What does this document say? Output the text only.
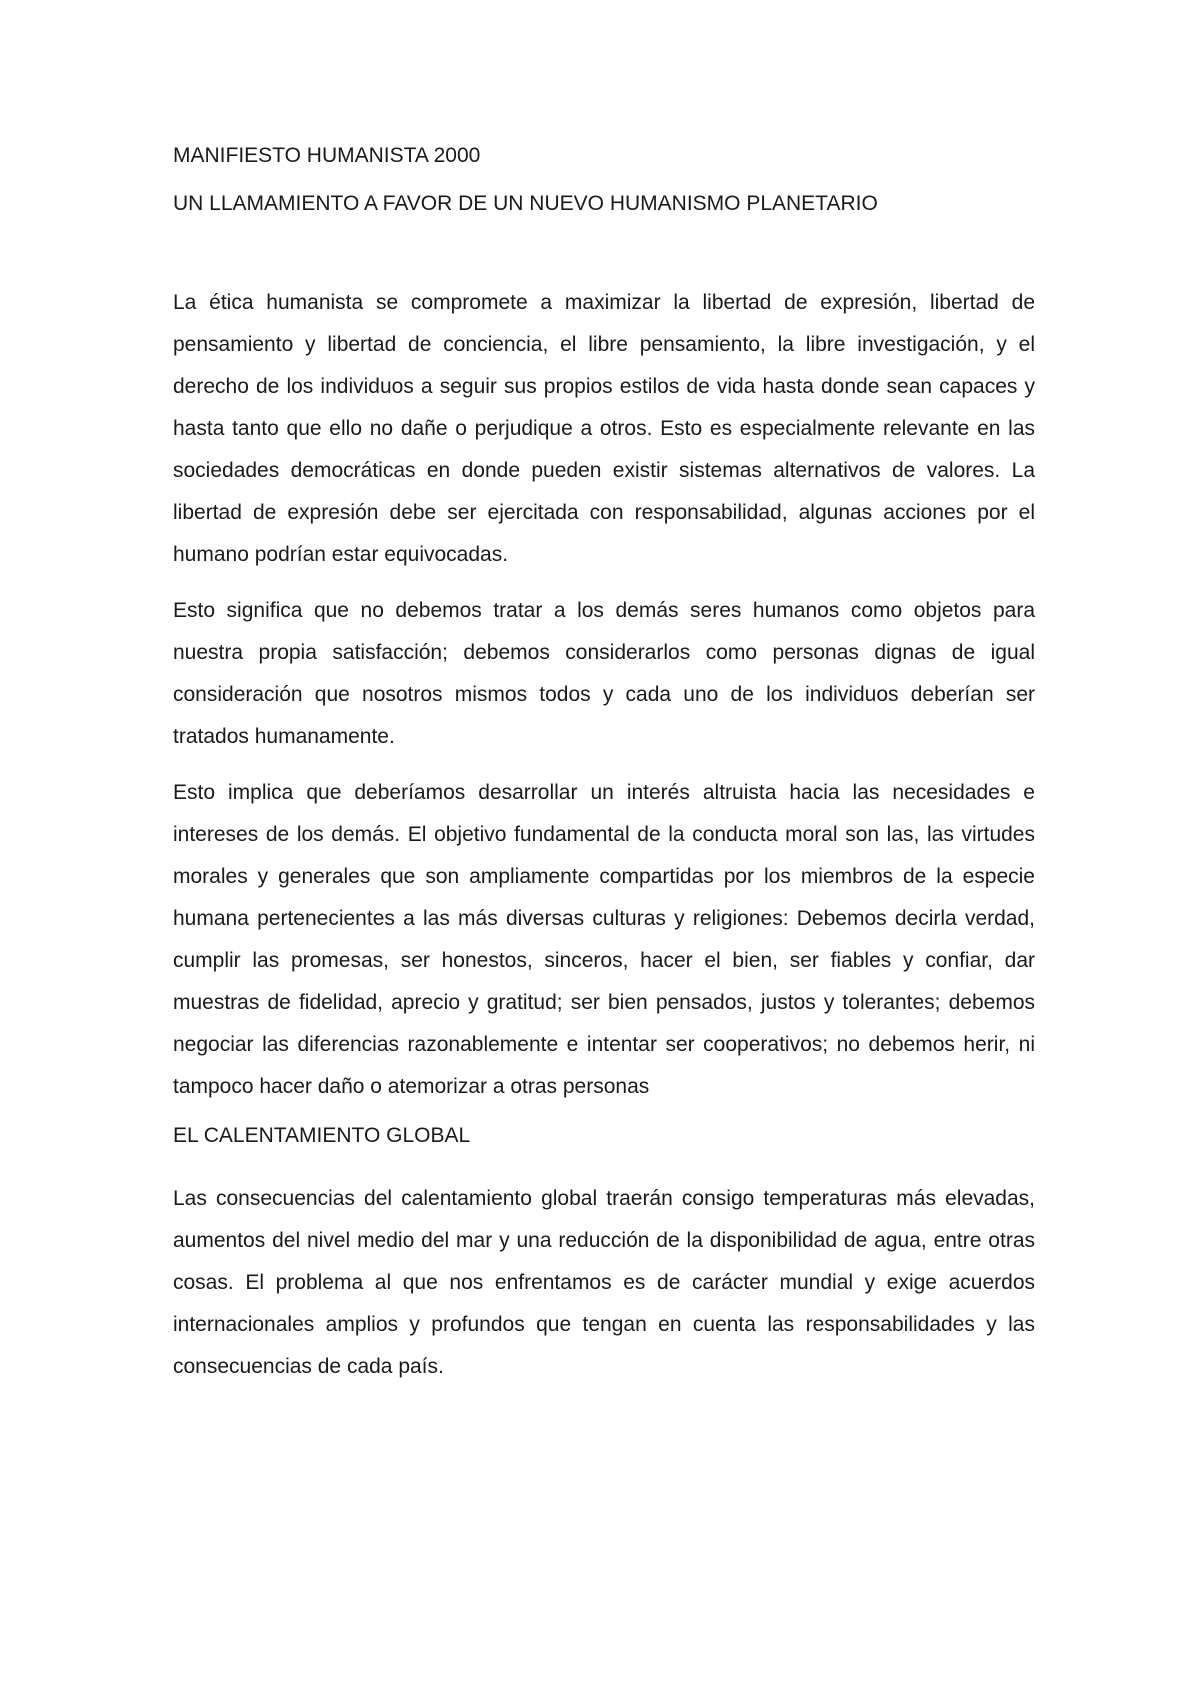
MANIFIESTO HUMANISTA 2000
UN LLAMAMIENTO A FAVOR DE UN NUEVO HUMANISMO PLANETARIO

La ética humanista se compromete a maximizar la libertad de expresión, libertad de pensamiento y libertad de conciencia, el libre pensamiento, la libre investigación, y el derecho de los individuos a seguir sus propios estilos de vida hasta donde sean capaces y hasta tanto que ello no dañe o perjudique a otros. Esto es especialmente relevante en las sociedades democráticas en donde pueden existir sistemas alternativos de valores. La libertad de expresión debe ser ejercitada con responsabilidad, algunas acciones por el humano podrían estar equivocadas.

Esto significa que no debemos tratar a los demás seres humanos como objetos para nuestra propia satisfacción; debemos considerarlos como personas dignas de igual consideración que nosotros mismos todos y cada uno de los individuos deberían ser tratados humanamente.

Esto implica que deberíamos desarrollar un interés altruista hacia las necesidades e intereses de los demás. El objetivo fundamental de la conducta moral son las, las virtudes morales y generales que son ampliamente compartidas por los miembros de la especie humana pertenecientes a las más diversas culturas y religiones: Debemos decirla verdad, cumplir las promesas, ser honestos, sinceros, hacer el bien, ser fiables y confiar, dar muestras de fidelidad, aprecio y gratitud; ser bien pensados, justos y tolerantes; debemos negociar las diferencias razonablemente e intentar ser cooperativos; no debemos herir, ni tampoco hacer daño o atemorizar a otras personas

EL CALENTAMIENTO GLOBAL

Las consecuencias del calentamiento global traerán consigo temperaturas más elevadas, aumentos del nivel medio del mar y una reducción de la disponibilidad de agua, entre otras cosas. El problema al que nos enfrentamos es de carácter mundial y exige acuerdos internacionales amplios y profundos que tengan en cuenta las responsabilidades y las consecuencias de cada país.
